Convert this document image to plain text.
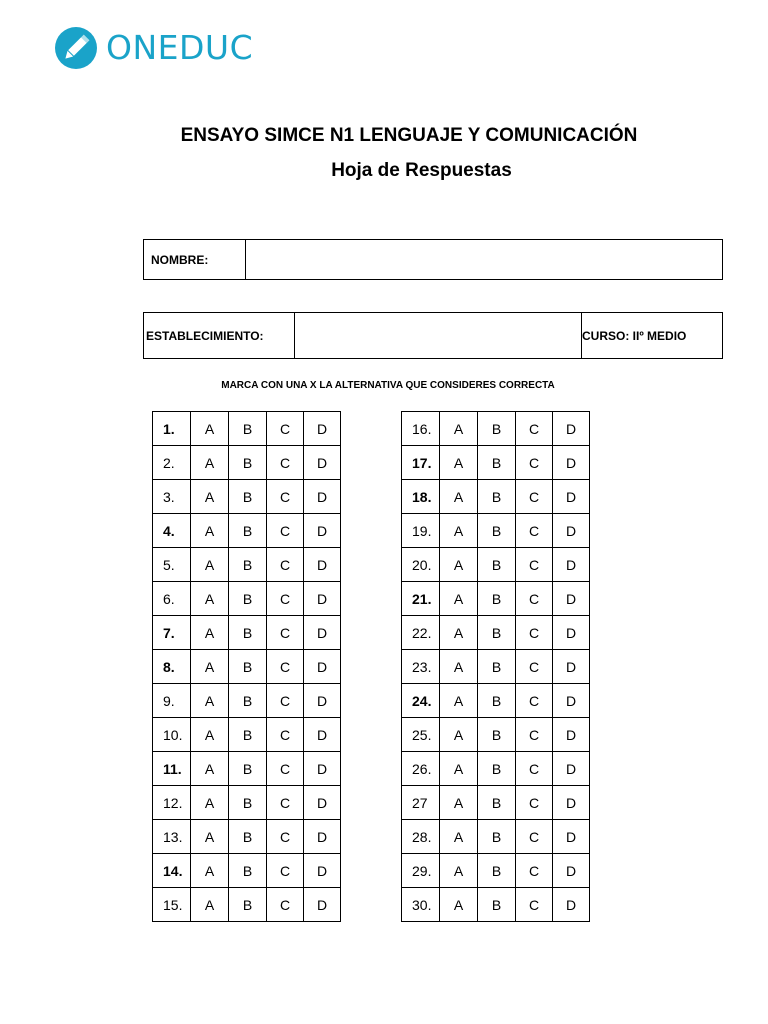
ONEDUC
ENSAYO SIMCE N1 LENGUAJE Y COMUNICACIÓN
Hoja de Respuestas
NOMBRE:
ESTABLECIMIENTO:	CURSO: IIº MEDIO
MARCA CON UNA X LA ALTERNATIVA QUE CONSIDERES CORRECTA
1.	A	B	C	D
2.	A	B	C	D
3.	A	B	C	D
4.	A	B	C	D
5.	A	B	C	D
6.	A	B	C	D
7.	A	B	C	D
8.	A	B	C	D
9.	A	B	C	D
10.	A	B	C	D
11.	A	B	C	D
12.	A	B	C	D
13.	A	B	C	D
14.	A	B	C	D
15.	A	B	C	D
16.	A	B	C	D
17.	A	B	C	D
18.	A	B	C	D
19.	A	B	C	D
20.	A	B	C	D
21.	A	B	C	D
22.	A	B	C	D
23.	A	B	C	D
24.	A	B	C	D
25.	A	B	C	D
26.	A	B	C	D
27	A	B	C	D
28.	A	B	C	D
29.	A	B	C	D
30.	A	B	C	D
